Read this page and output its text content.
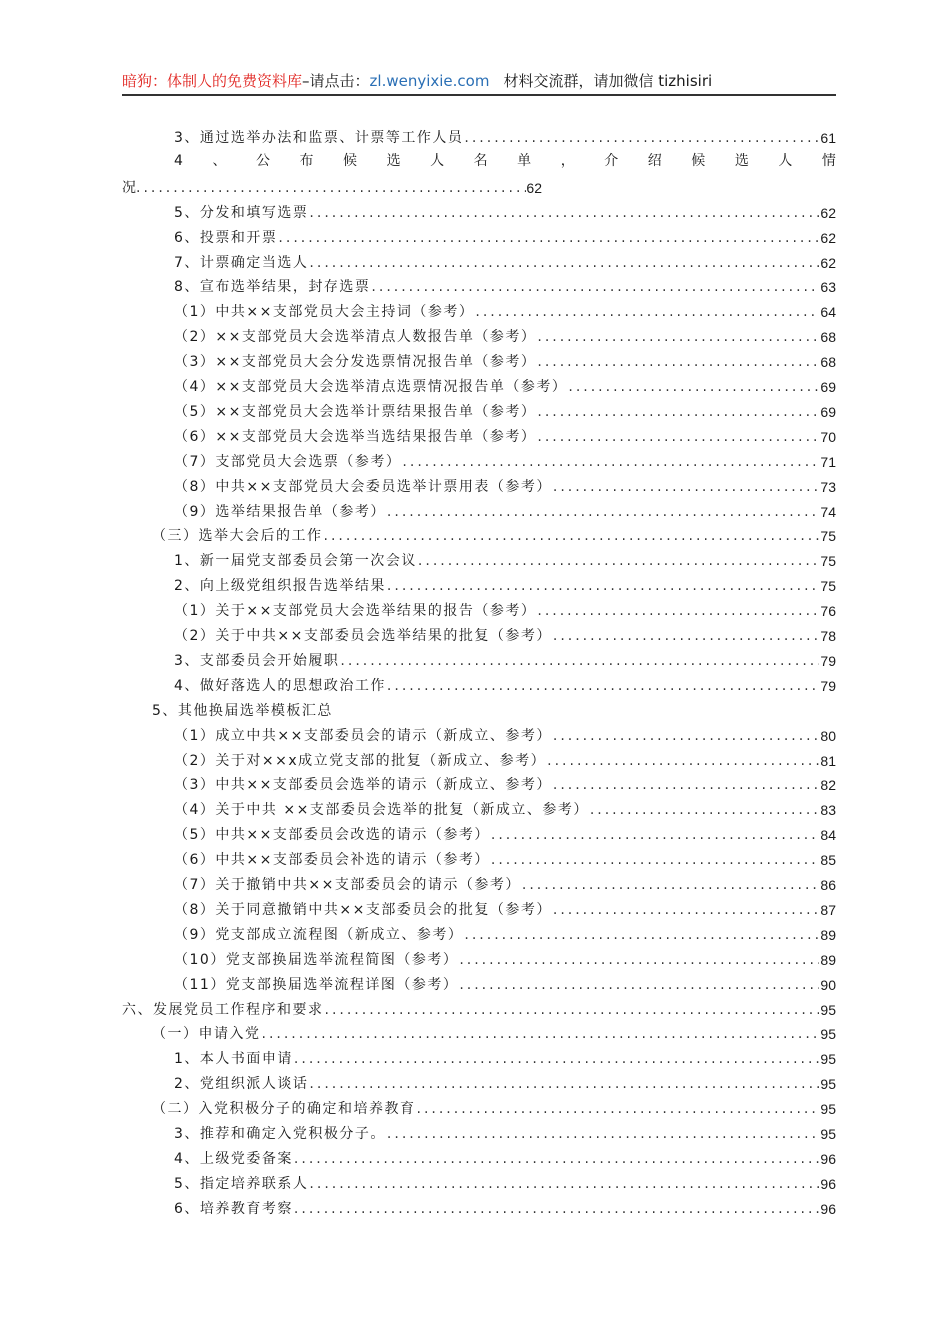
暗狗：体制人的免费资料库–请点击：zl.wenyixie.com 材料交流群，请加微信 tizhisiri
3、通过选举办法和监票、计票等工作人员 .....	61
4 、 公 布 候 选 人 名 单 ， 介 绍 候 选 人 情
况 .....	62
5、分发和填写选票 .....	62
6、投票和开票 .....	62
7、计票确定当选人 .....	62
8、宣布选举结果，封存选票 .....	63
（1）中共××支部党员大会主持词（参考） .....	64
（2）××支部党员大会选举清点人数报告单（参考） .....	68
（3）××支部党员大会分发选票情况报告单（参考） .....	68
（4）××支部党员大会选举清点选票情况报告单（参考） .....	69
（5）××支部党员大会选举计票结果报告单（参考） .....	69
（6）××支部党员大会选举当选结果报告单（参考） .....	70
（7）支部党员大会选票（参考） .....	71
（8）中共××支部党员大会委员选举计票用表（参考） .....	73
（9）选举结果报告单（参考） .....	74
（三）选举大会后的工作 .....	75
1、新一届党支部委员会第一次会议 .....	75
2、向上级党组织报告选举结果 .....	75
（1）关于××支部党员大会选举结果的报告（参考） .....	76
（2）关于中共××支部委员会选举结果的批复（参考） .....	78
3、支部委员会开始履职 .....	79
4、做好落选人的思想政治工作 .....	79
5、其他换届选举模板汇总
（1）成立中共××支部委员会的请示（新成立、参考） .....	80
（2）关于对××x成立党支部的批复（新成立、参考） .....	81
（3）中共××支部委员会选举的请示（新成立、参考） .....	82
（4）关于中共 ××支部委员会选举的批复（新成立、参考） .....	83
（5）中共××支部委员会改选的请示（参考） .....	84
（6）中共××支部委员会补选的请示（参考） .....	85
（7）关于撤销中共××支部委员会的请示（参考） .....	86
（8）关于同意撤销中共××支部委员会的批复（参考） .....	87
（9）党支部成立流程图（新成立、参考） .....	89
（10）党支部换届选举流程简图（参考） .....	89
（11）党支部换届选举流程详图（参考） .....	90
六、发展党员工作程序和要求 .....	95
（一）申请入党 .....	95
1、本人书面申请 .....	95
2、党组织派人谈话 .....	95
（二）入党积极分子的确定和培养教育 .....	95
3、推荐和确定入党积极分子。 .....	95
4、上级党委备案 .....	96
5、指定培养联系人 .....	96
6、培养教育考察 .....	96
